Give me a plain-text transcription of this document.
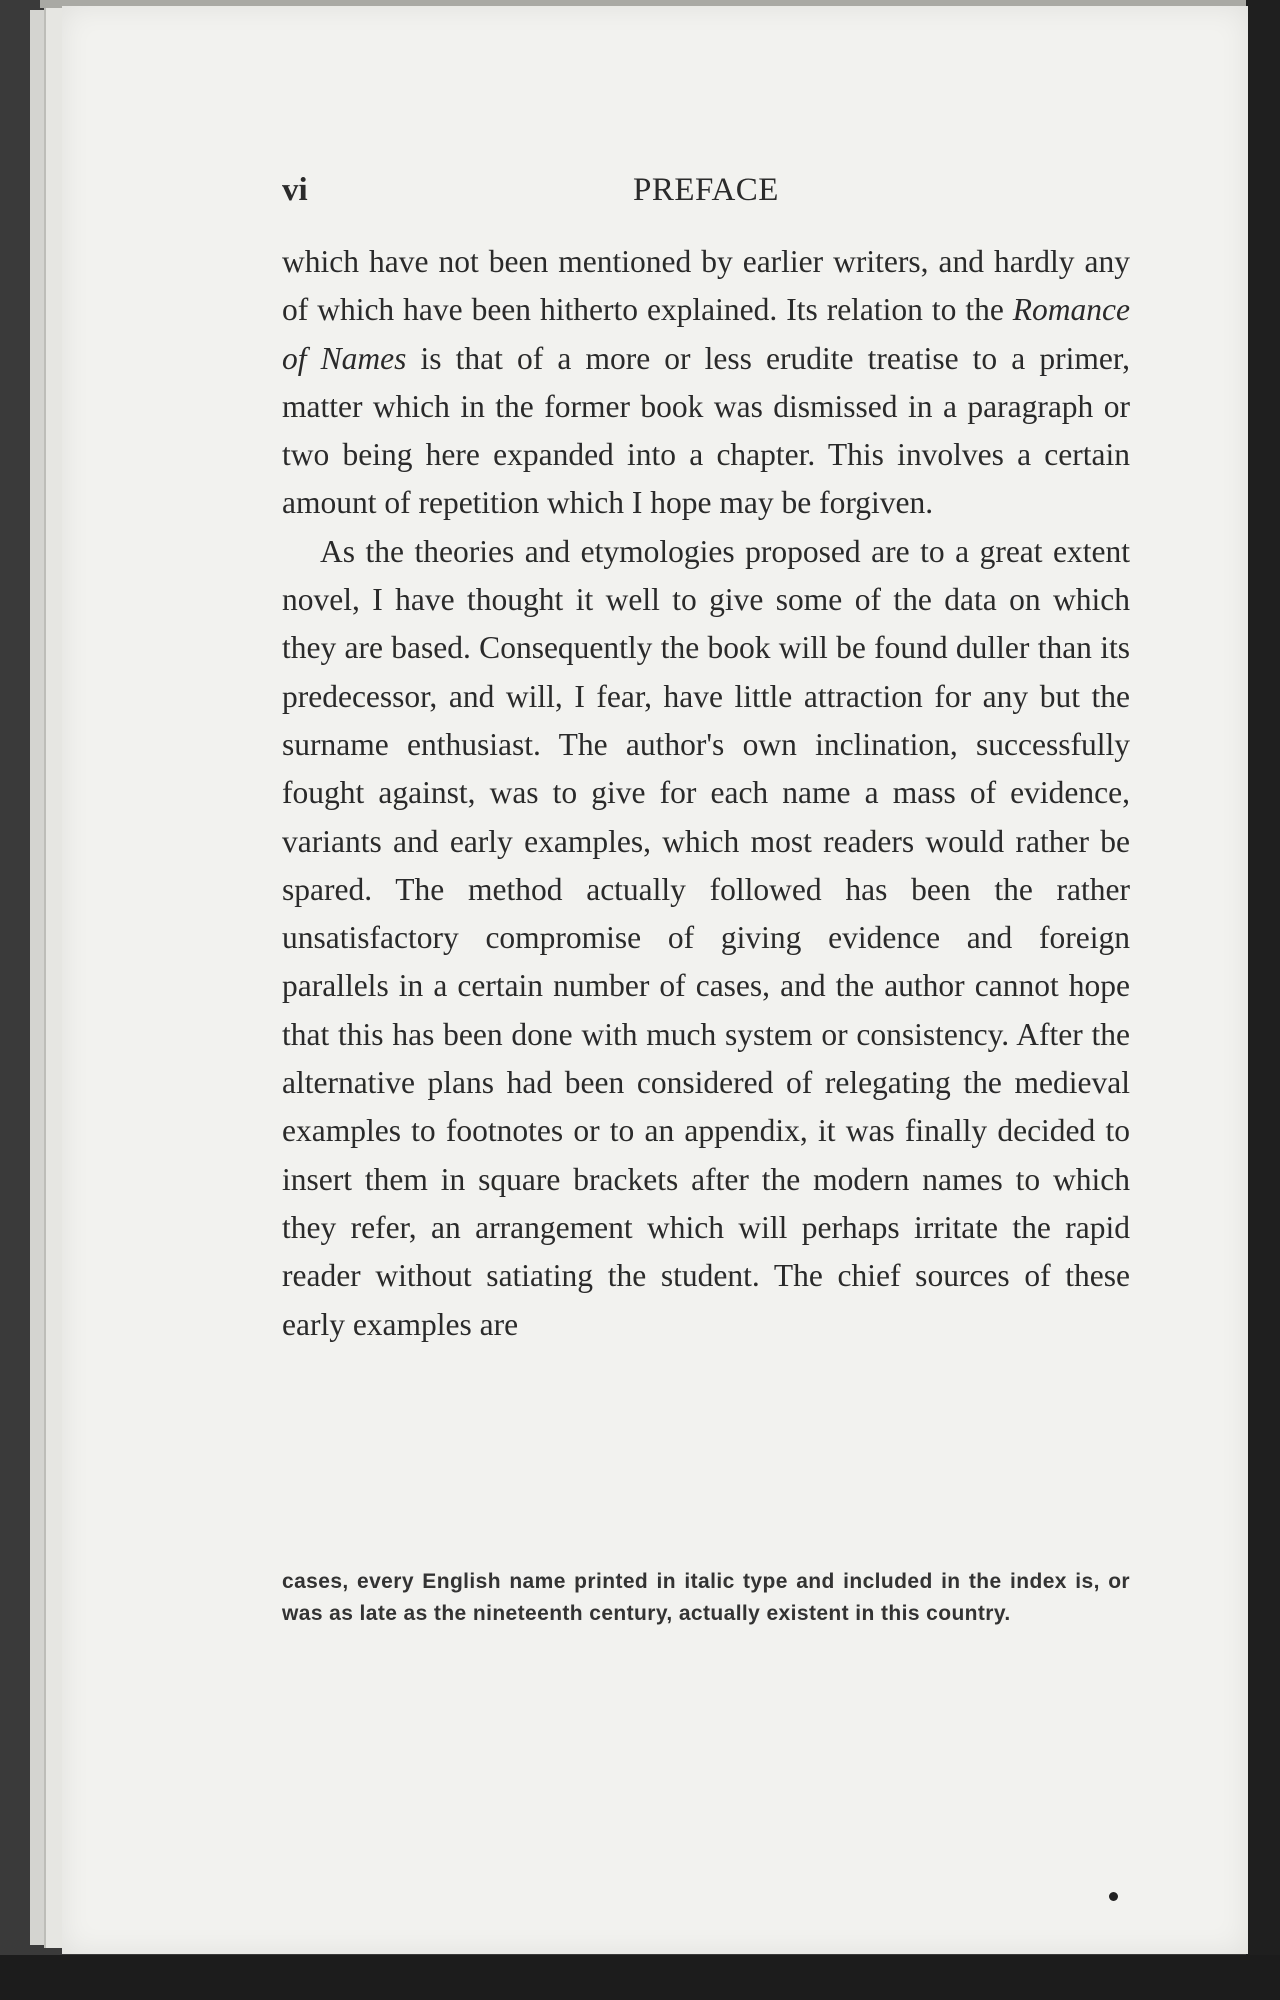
vi	PREFACE

which have not been mentioned by earlier writers, and hardly any of which have been hitherto explained. Its relation to the Romance of Names is that of a more or less erudite treatise to a primer, matter which in the former book was dismissed in a paragraph or two being here expanded into a chapter. This involves a certain amount of repetition which I hope may be forgiven.

As the theories and etymologies proposed are to a great extent novel, I have thought it well to give some of the data on which they are based. Consequently the book will be found duller than its predecessor, and will, I fear, have little attraction for any but the surname enthusiast. The author's own inclination, successfully fought against, was to give for each name a mass of evidence, variants and early examples, which most readers would rather be spared. The method actually followed has been the rather unsatisfactory compromise of giving evidence and foreign parallels in a certain number of cases, and the author cannot hope that this has been done with much system or consistency. After the alternative plans had been considered of relegating the medieval examples to footnotes or to an appendix, it was finally decided to insert them in square brackets after the modern names to which they refer, an arrangement which will perhaps irritate the rapid reader without satiating the student. The chief sources of these early examples are

cases, every English name printed in italic type and included in the index is, or was as late as the nineteenth century, actually existent in this country.
